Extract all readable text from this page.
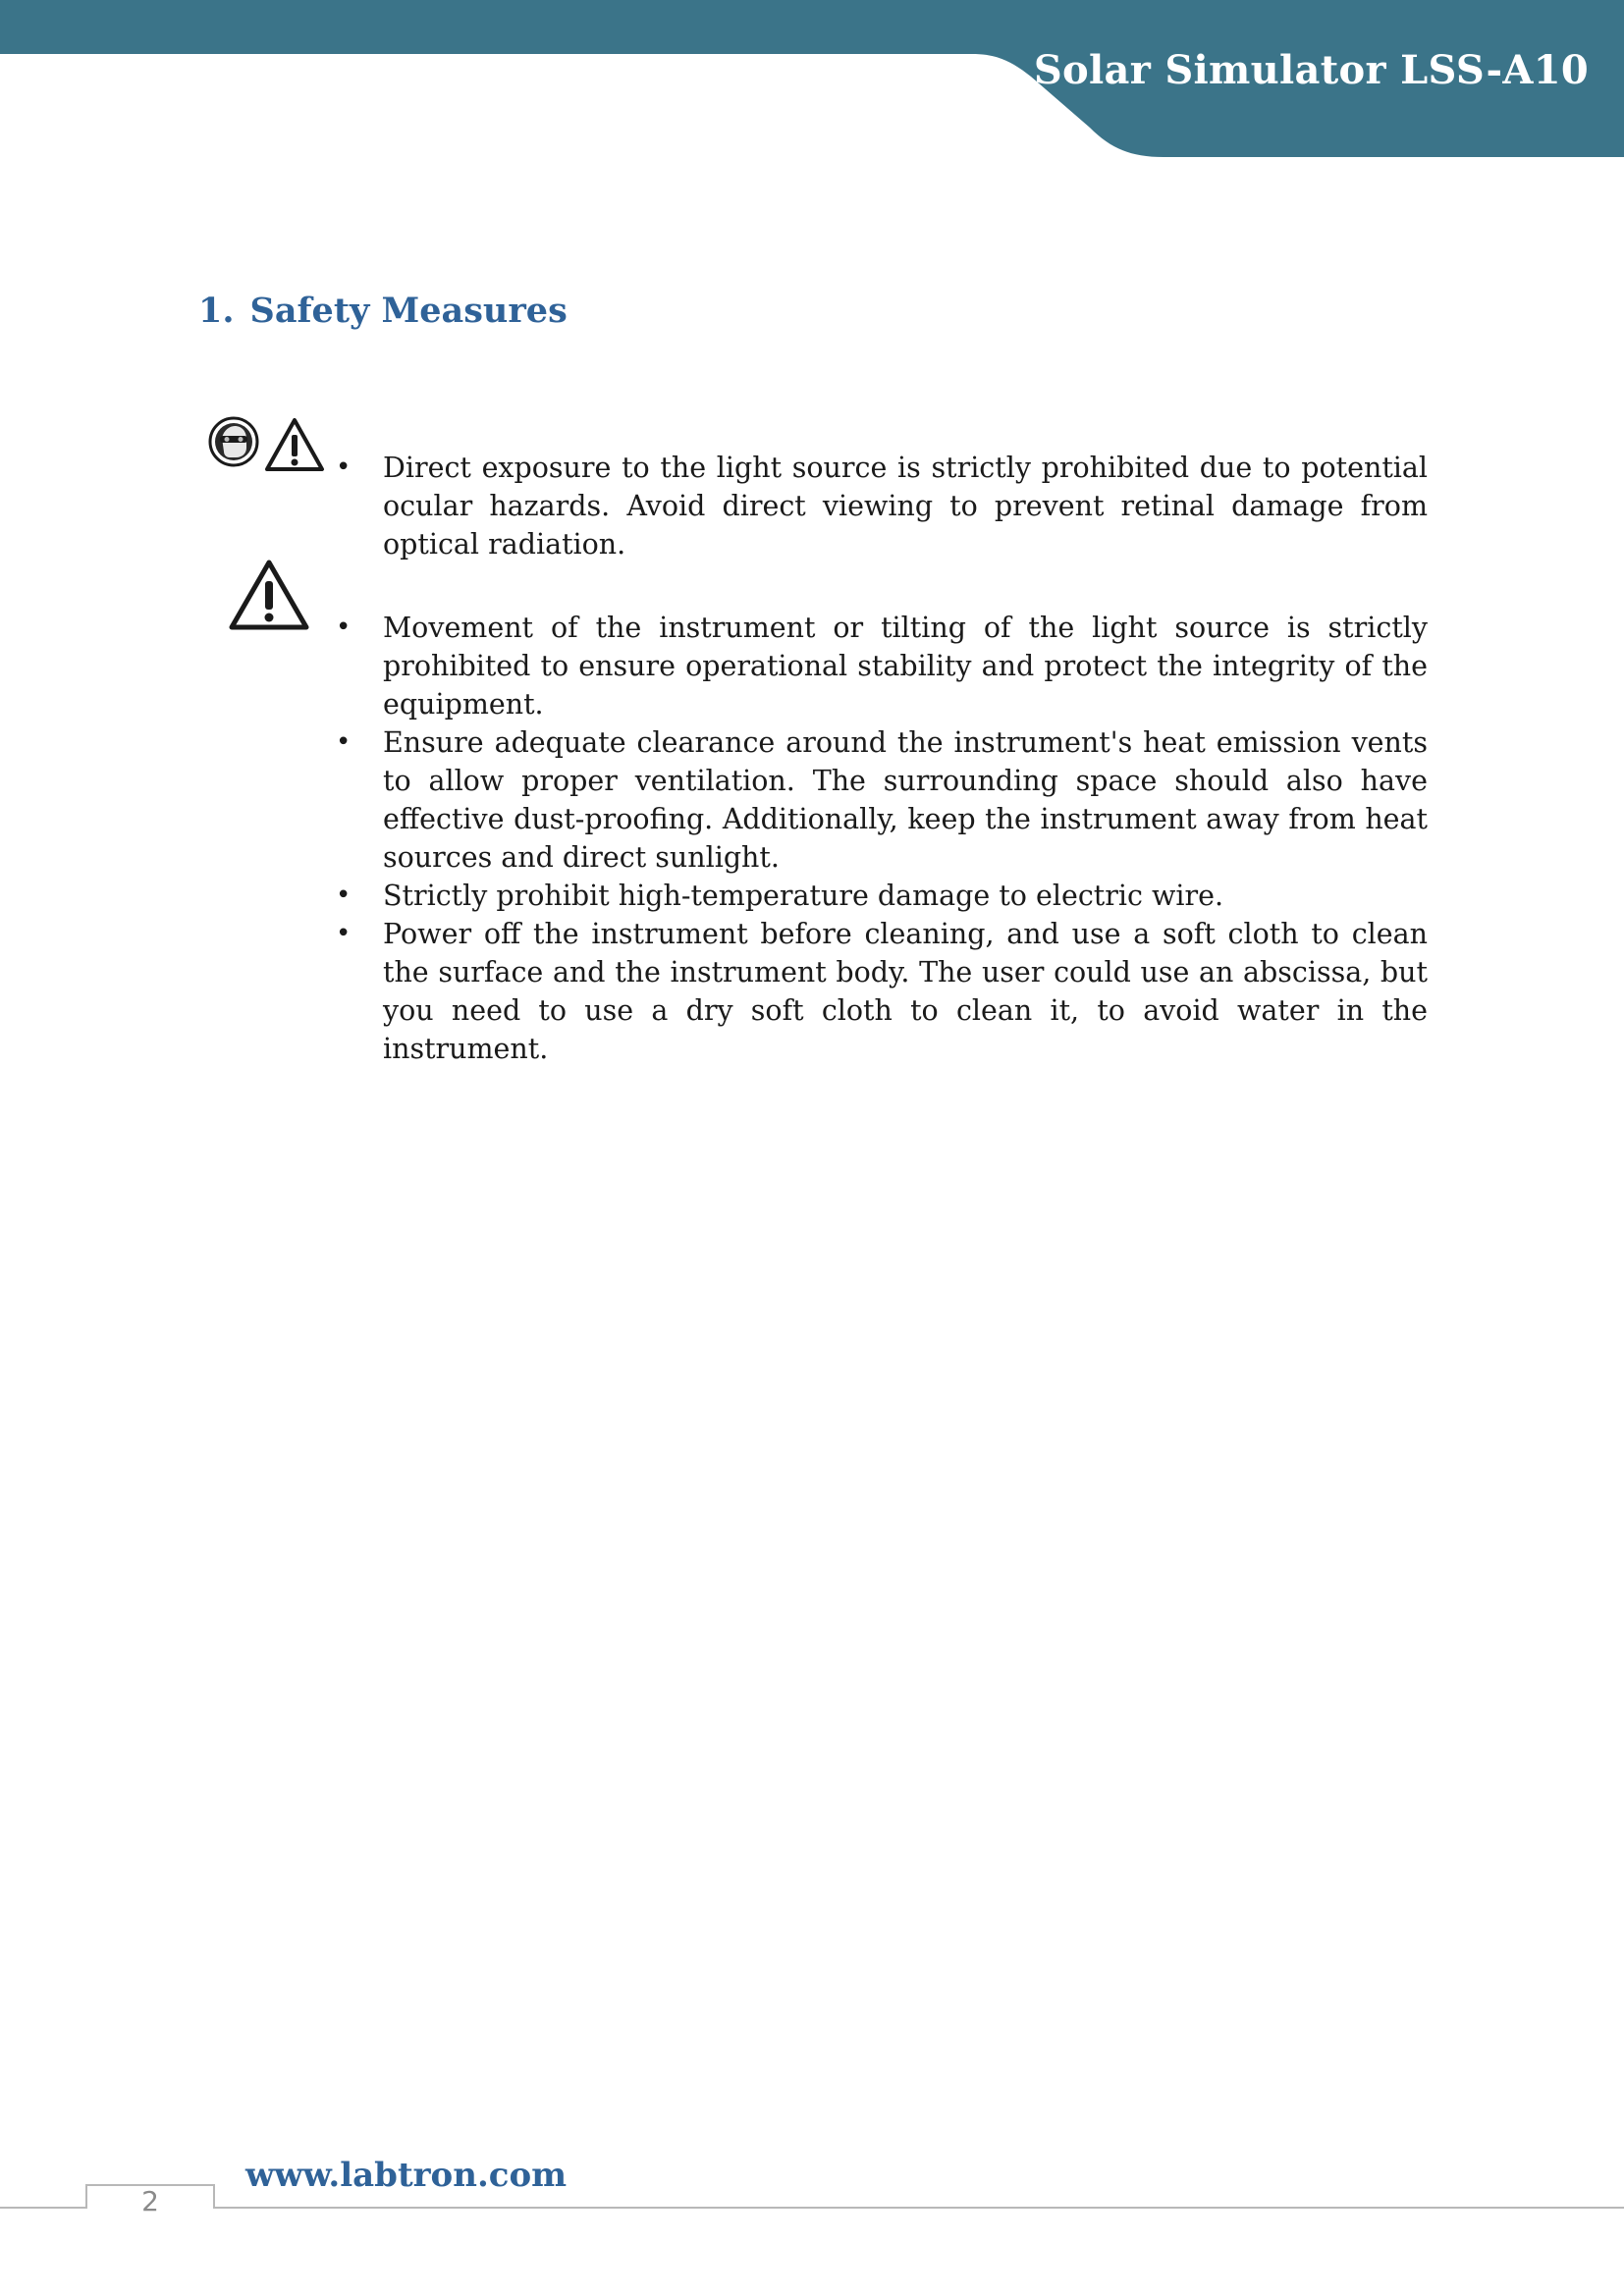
Solar Simulator LSS-A10
1. Safety Measures
• Direct exposure to the light source is strictly prohibited due to potential ocular hazards. Avoid direct viewing to prevent retinal damage from optical radiation.
• Movement of the instrument or tilting of the light source is strictly prohibited to ensure operational stability and protect the integrity of the equipment.
• Ensure adequate clearance around the instrument's heat emission vents to allow proper ventilation. The surrounding space should also have effective dust-proofing. Additionally, keep the instrument away from heat sources and direct sunlight.
• Strictly prohibit high-temperature damage to electric wire.
• Power off the instrument before cleaning, and use a soft cloth to clean the surface and the instrument body. The user could use an abscissa, but you need to use a dry soft cloth to clean it, to avoid water in the instrument.
2
www.labtron.com
